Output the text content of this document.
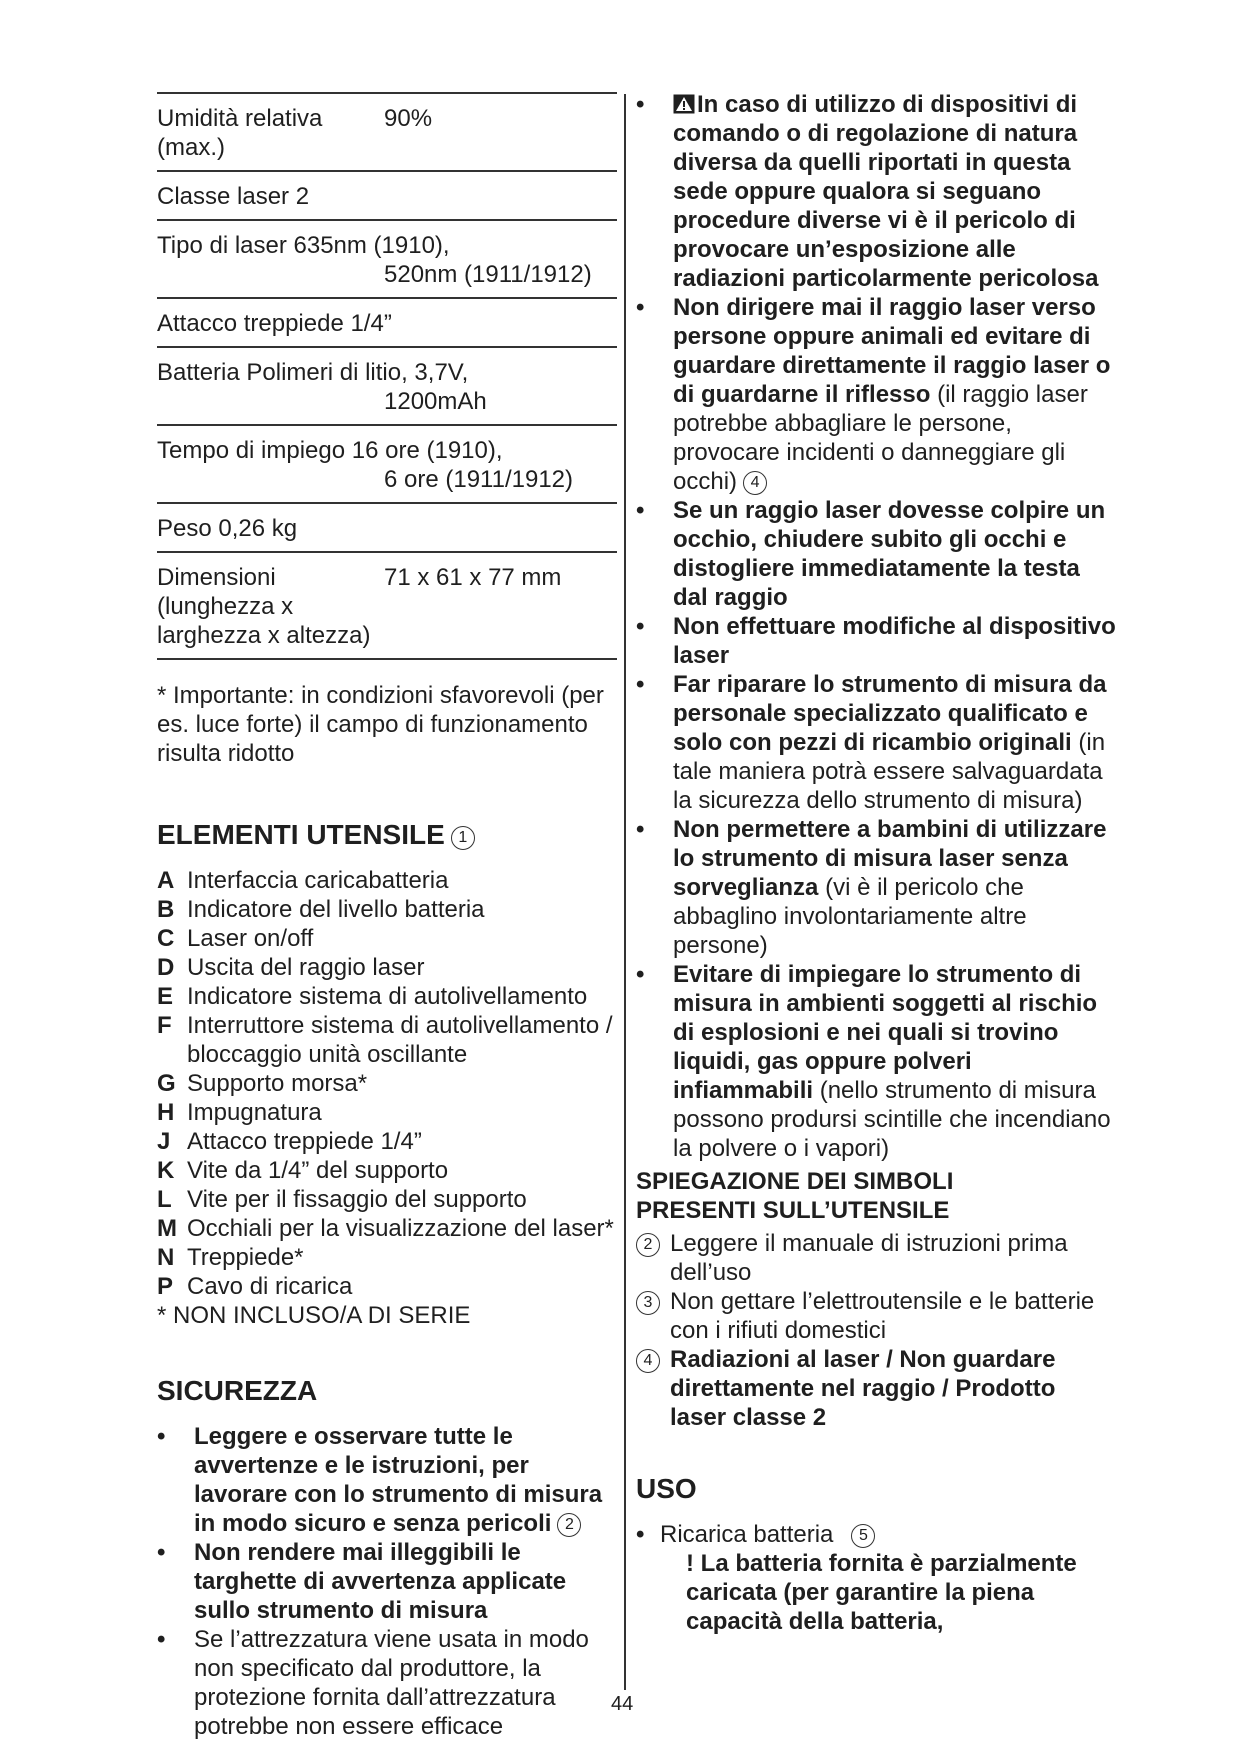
Umidità relativa	90%

(max.)
Classe laser 2
Tipo di laser 635nm (1910),
520nm (1911/1912)
Attacco treppiede 1/4”
Batteria Polimeri di litio, 3,7V,
1200mAh
Tempo di impiego 16 ore (1910),
6 ore (1911/1912)
Peso 0,26 kg
Dimensioni	71 x 61 x 77 mm

(lunghezza x
larghezza x altezza)
* Importante: in condizioni sfavorevoli (per es. luce forte) il campo di funzionamento risulta ridotto
ELEMENTI UTENSILE 1
A Interfaccia caricabatteria
B Indicatore del livello batteria
C Laser on/off
D Uscita del raggio laser
E Indicatore sistema di autolivellamento
F Interruttore sistema di autolivellamento / bloccaggio unità oscillante
G Supporto morsa*
H Impugnatura
J Attacco treppiede 1/4”
K Vite da 1/4” del supporto
L Vite per il fissaggio del supporto
M Occhiali per la visualizzazione del laser*
N Treppiede*
P Cavo di ricarica
* NON INCLUSO/A DI SERIE
SICUREZZA
•	Leggere e osservare tutte le avvertenze e le istruzioni, per lavorare con lo strumento di misura in modo sicuro e senza pericoli 2
•	Non rendere mai illeggibili le targhette di avvertenza applicate sullo strumento di misura
•	Se l’attrezzatura viene usata in modo non specificato dal produttore, la protezione fornita dall’attrezzatura potrebbe non essere efficace
•	In caso di utilizzo di dispositivi di comando o di regolazione di natura diversa da quelli riportati in questa sede oppure qualora si seguano procedure diverse vi è il pericolo di provocare un’esposizione alle radiazioni particolarmente pericolosa
•	Non dirigere mai il raggio laser verso persone oppure animali ed evitare di guardare direttamente il raggio laser o di guardarne il riflesso (il raggio laser potrebbe abbagliare le persone, provocare incidenti o danneggiare gli occhi) 4
•	Se un raggio laser dovesse colpire un occhio, chiudere subito gli occhi e distogliere immediatamente la testa dal raggio
•	Non effettuare modifiche al dispositivo laser
•	Far riparare lo strumento di misura da personale specializzato qualificato e solo con pezzi di ricambio originali (in tale maniera potrà essere salvaguardata la sicurezza dello strumento di misura)
•	Non permettere a bambini di utilizzare lo strumento di misura laser senza sorveglianza (vi è il pericolo che abbaglino involontariamente altre persone)
•	Evitare di impiegare lo strumento di misura in ambienti soggetti al rischio di esplosioni e nei quali si trovino liquidi, gas oppure polveri infiammabili (nello strumento di misura possono prodursi scintille che incendiano la polvere o i vapori)
SPIEGAZIONE DEI SIMBOLI
PRESENTI SULL’UTENSILE
2 Leggere il manuale di istruzioni prima dell’uso
3 Non gettare l’elettroutensile e le batterie con i rifiuti domestici
4 Radiazioni al laser / Non guardare direttamente nel raggio / Prodotto laser classe 2
USO
• Ricarica batteria 5
! La batteria fornita è parzialmente caricata (per garantire la piena capacità della batteria,
44
